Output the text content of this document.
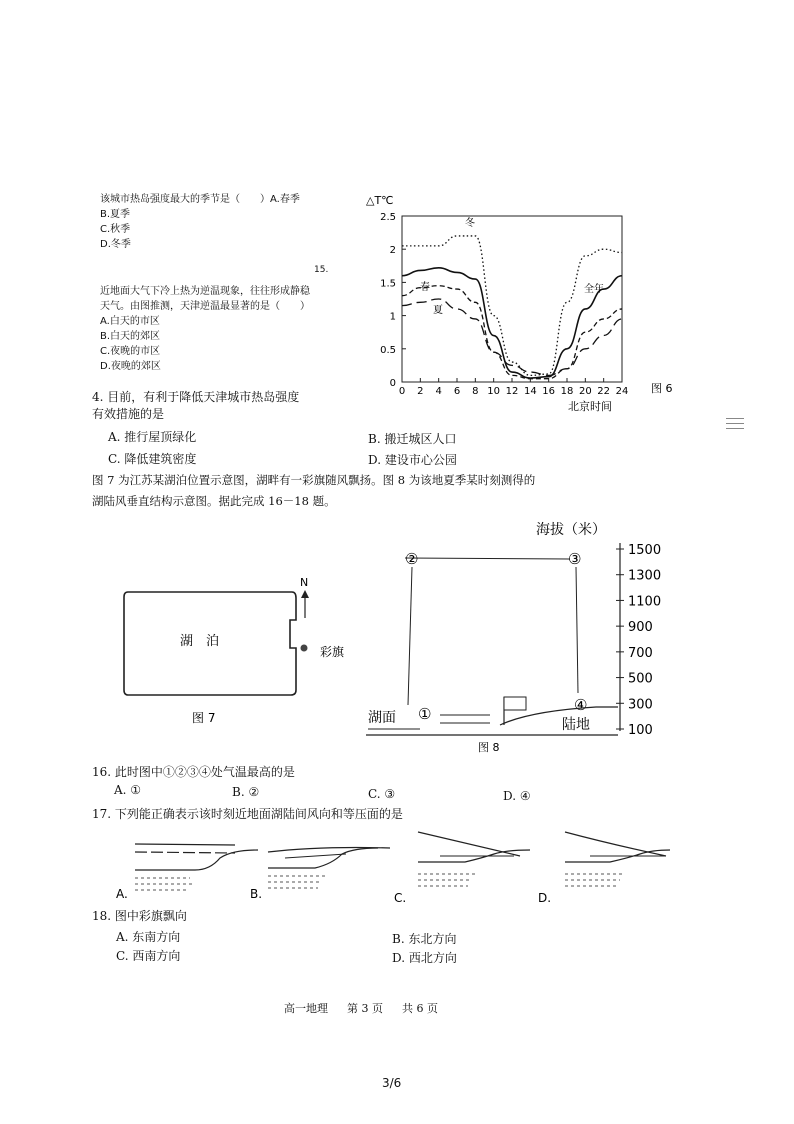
该城市热岛强度最大的季节是（　　）A.春季
B.夏季
C.秋季
D.冬季
15.
近地面大气下冷上热为逆温现象，往往形成静稳
天气。由图推测，天津逆温最显著的是（　　）
A.白天的市区
B.白天的郊区
C.夜晚的市区
D.夜晚的郊区
△T℃
北京时间
图 6
0
0.5
1
1.5
2
2.5
0 2 4 6 8 10 12 14 16 18 20 22 24
冬
春
夏
全年
4. 目前，有利于降低天津城市热岛强度
有效措施的是
A. 推行屋顶绿化	B. 搬迁城区人口
C. 降低建筑密度	D. 建设市心公园
图 7 为江苏某湖泊位置示意图，湖畔有一彩旗随风飘扬。图 8 为该地夏季某时刻测得的
湖陆风垂直结构示意图。据此完成 16－18 题。
湖　泊
彩旗
N
图 7
海拔（米）
1500
1300
1100
900
700
500
300
100
②	③
①	④
湖面	陆地
图 8
16. 此时图中①②③④处气温最高的是
A. ①	B. ②	C. ③	D. ④
17. 下列能正确表示该时刻近地面湖陆间风向和等压面的是
A.	B.	C.	D.
18. 图中彩旗飘向
A. 东南方向	B. 东北方向
C. 西南方向	D. 西北方向
高一地理 第 3 页 共 6 页
3/6
